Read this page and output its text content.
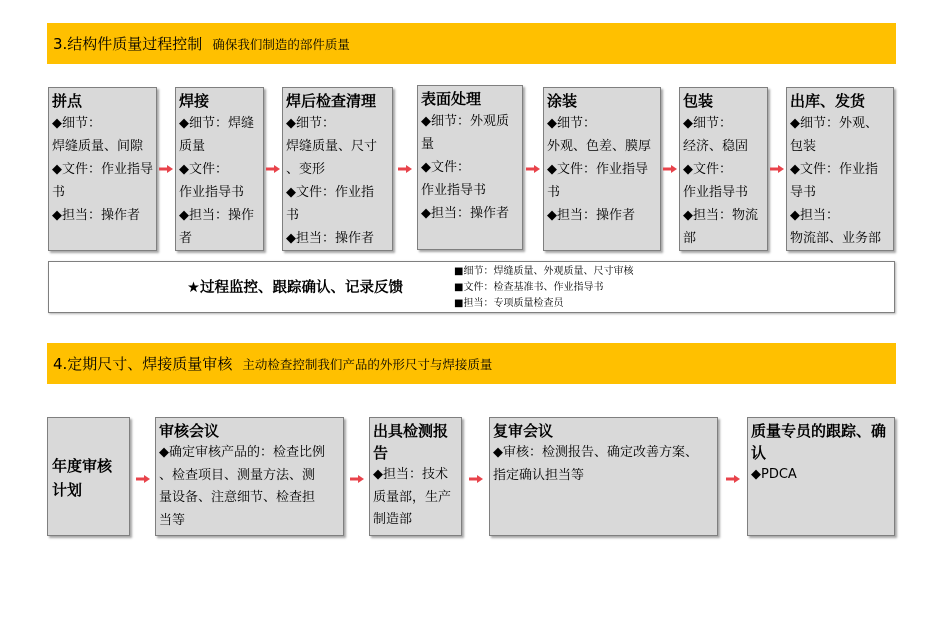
3.结构件质量过程控制 确保我们制造的部件质量
拼点
◆细节：
焊缝质量、间隙
◆文件：作业指导
书
◆担当：操作者
焊接
◆细节：焊缝
质量
◆文件：
作业指导书
◆担当：操作者
焊后检查清理
◆细节：
焊缝质量、尺寸
、变形
◆文件：作业指
书
◆担当：操作者
表面处理
◆细节：外观质
量
◆文件：
作业指导书
◆担当：操作者
涂装
◆细节：
外观、色差、膜厚
◆文件：作业指导
书
◆担当：操作者
包装
◆细节：
经济、稳固
◆文件：
作业指导书
◆担当：物流
部
出库、发货
◆细节：外观、
包装
◆文件：作业指
导书
◆担当：
物流部、业务部
★过程监控、跟踪确认、记录反馈
■细节：焊缝质量、外观质量、尺寸审核
■文件：检查基准书、作业指导书
■担当：专项质量检查员
4.定期尺寸、焊接质量审核 主动检查控制我们产品的外形尺寸与焊接质量
年度审核计划
审核会议
◆确定审核产品的：检查比例
、检查项目、测量方法、测
量设备、注意细节、检查担
当等
出具检测报告
◆担当：技术
质量部，生产
制造部
复审会议
◆审核：检测报告、确定改善方案、
指定确认担当等
质量专员的跟踪、确认
◆PDCA
